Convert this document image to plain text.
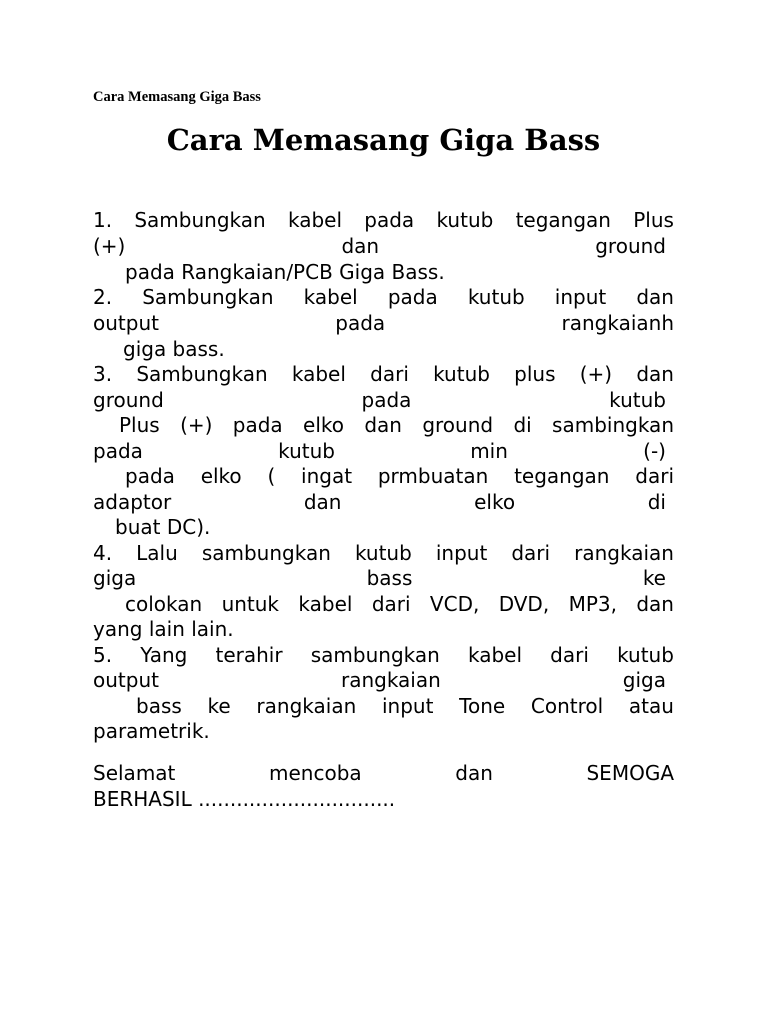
Cara Memasang Giga Bass
Cara Memasang Giga Bass
1. Sambungkan kabel pada kutub tegangan Plus
(+)	dan	ground
pada Rangkaian/PCB Giga Bass.
2. Sambungkan kabel pada kutub input dan
output	pada	rangkaianh
giga bass.
3. Sambungkan kabel dari kutub plus (+) dan
ground	pada	kutub
Plus (+) pada elko dan ground di sambingkan
pada	kutub	min	(-)
pada elko ( ingat prmbuatan tegangan dari
adaptor	dan	elko	di
buat DC).
4. Lalu sambungkan kutub input dari rangkaian
giga	bass	ke
colokan untuk kabel dari VCD, DVD, MP3, dan
yang lain lain.
5. Yang terahir sambungkan kabel dari kutub
output	rangkaian	giga
bass ke rangkaian input Tone Control atau
parametrik.
Selamat	mencoba	dan	SEMOGA
BERHASIL ...............................
